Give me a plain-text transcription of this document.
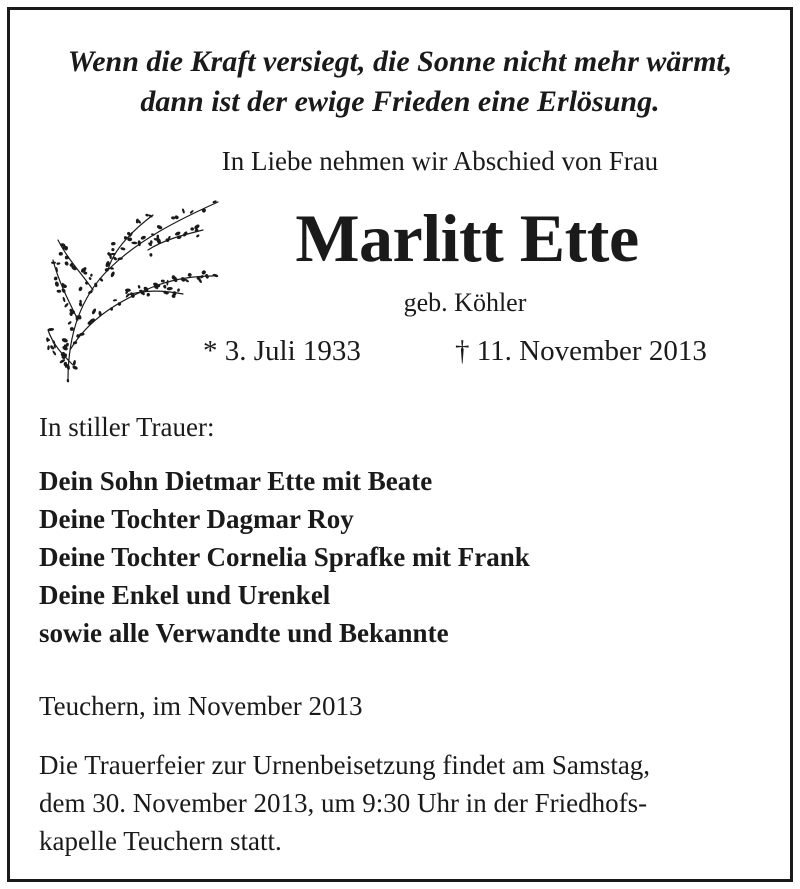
Wenn die Kraft versiegt, die Sonne nicht mehr wärmt,
dann ist der ewige Frieden eine Erlösung.
In Liebe nehmen wir Abschied von Frau
Marlitt Ette
geb. Köhler
* 3. Juli 1933	† 11. November 2013
In stiller Trauer:
Dein Sohn Dietmar Ette mit Beate
Deine Tochter Dagmar Roy
Deine Tochter Cornelia Sprafke mit Frank
Deine Enkel und Urenkel
sowie alle Verwandte und Bekannte
Teuchern, im November 2013
Die Trauerfeier zur Urnenbeisetzung findet am Samstag,
dem 30. November 2013, um 9:30 Uhr in der Friedhofs-
kapelle Teuchern statt.
